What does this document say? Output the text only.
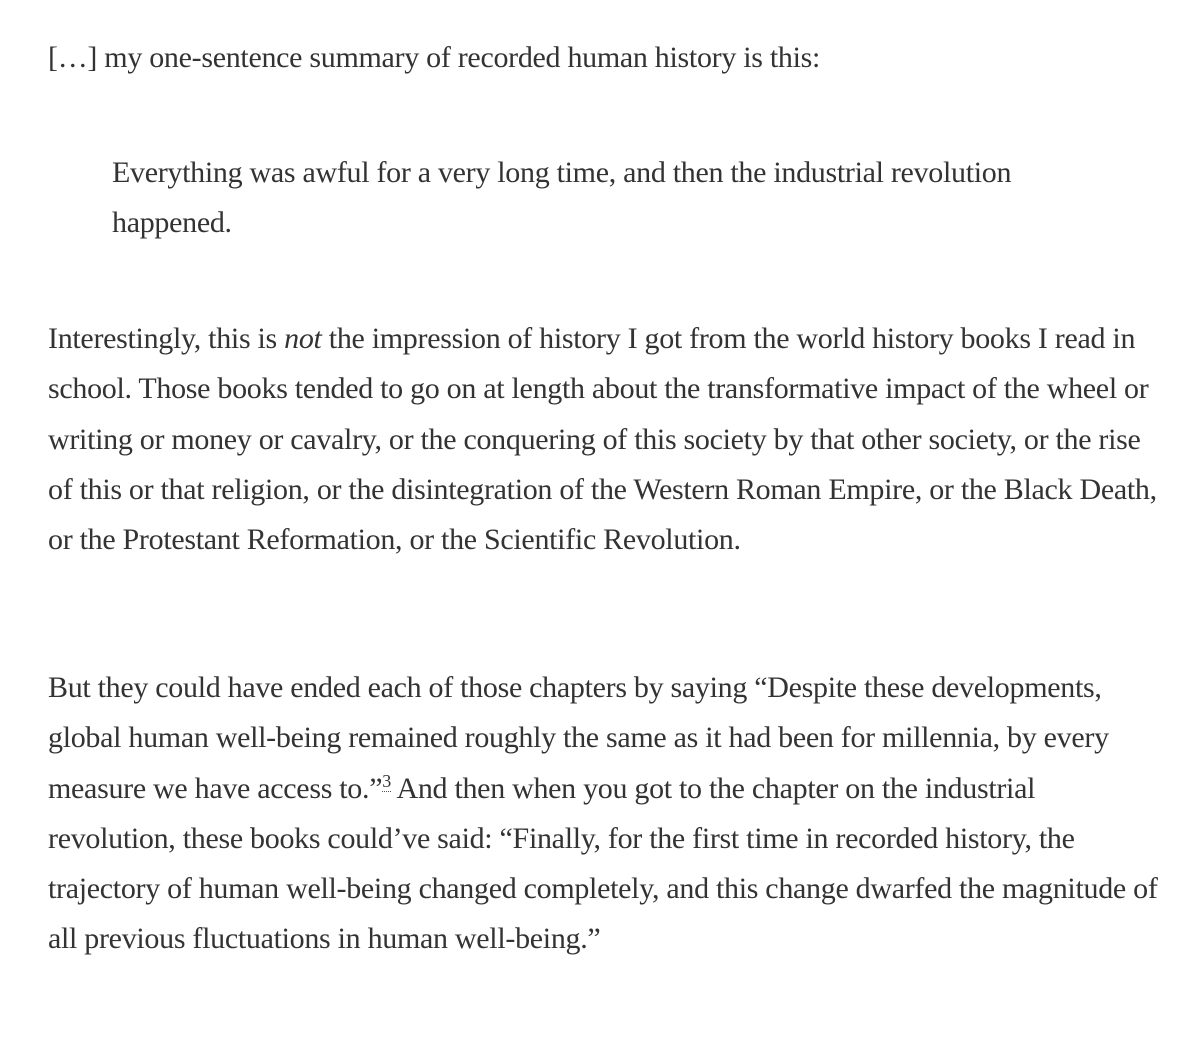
[…] my one-sentence summary of recorded human history is this:

Everything was awful for a very long time, and then the industrial revolution happened.

Interestingly, this is not the impression of history I got from the world history books I read in school. Those books tended to go on at length about the transformative impact of the wheel or writing or money or cavalry, or the conquering of this society by that other society, or the rise of this or that religion, or the disintegration of the Western Roman Empire, or the Black Death, or the Protestant Reformation, or the Scientific Revolution.

But they could have ended each of those chapters by saying “Despite these developments, global human well-being remained roughly the same as it had been for millennia, by every measure we have access to.”$^3$ And then when you got to the chapter on the industrial revolution, these books could’ve said: “Finally, for the first time in recorded history, the trajectory of human well-being changed completely, and this change dwarfed the magnitude of all previous fluctuations in human well-being.”
